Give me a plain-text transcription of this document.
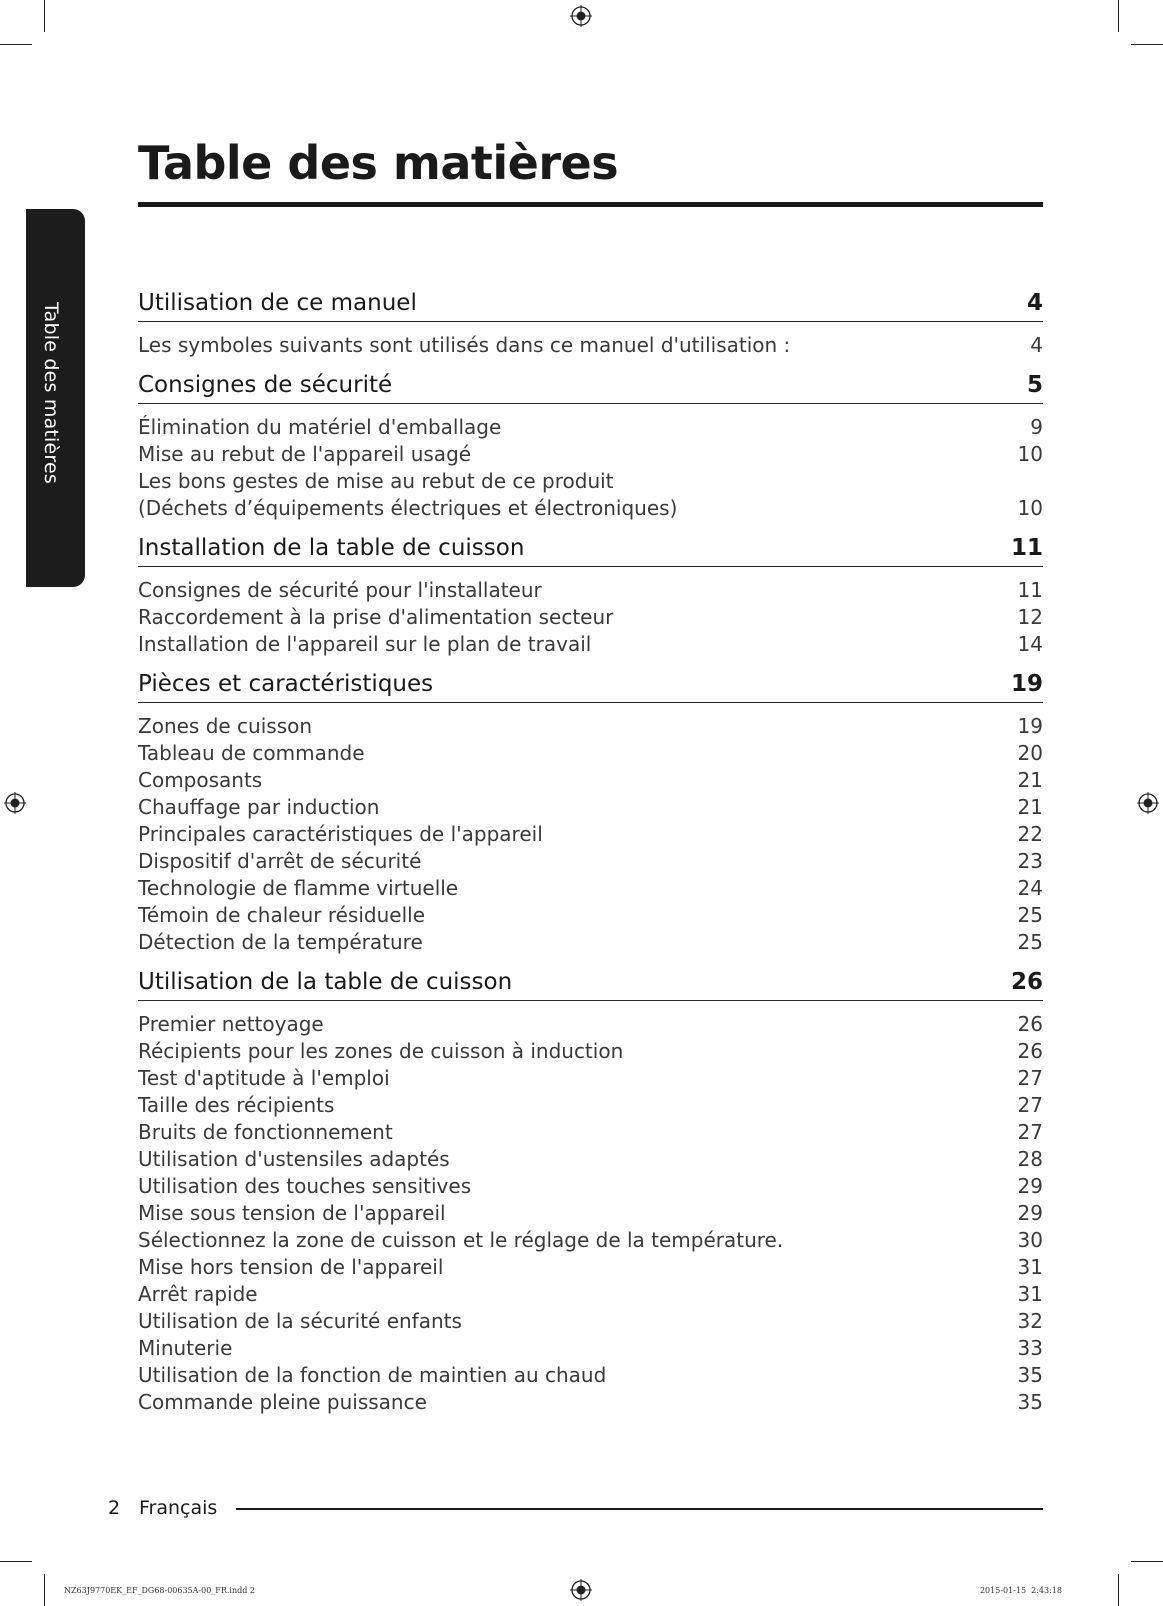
Table des matières
Table des matières
Utilisation de ce manuel	4
Les symboles suivants sont utilisés dans ce manuel d'utilisation :	4
Consignes de sécurité	5
Élimination du matériel d'emballage	9
Mise au rebut de l'appareil usagé	10
Les bons gestes de mise au rebut de ce produit
(Déchets d’équipements électriques et électroniques)	10
Installation de la table de cuisson	11
Consignes de sécurité pour l'installateur	11
Raccordement à la prise d'alimentation secteur	12
Installation de l'appareil sur le plan de travail	14
Pièces et caractéristiques	19
Zones de cuisson	19
Tableau de commande	20
Composants	21
Chauffage par induction	21
Principales caractéristiques de l'appareil	22
Dispositif d'arrêt de sécurité	23
Technologie de flamme virtuelle	24
Témoin de chaleur résiduelle	25
Détection de la température	25
Utilisation de la table de cuisson	26
Premier nettoyage	26
Récipients pour les zones de cuisson à induction	26
Test d'aptitude à l'emploi	27
Taille des récipients	27
Bruits de fonctionnement	27
Utilisation d'ustensiles adaptés	28
Utilisation des touches sensitives	29
Mise sous tension de l'appareil	29
Sélectionnez la zone de cuisson et le réglage de la température.	30
Mise hors tension de l'appareil	31
Arrêt rapide	31
Utilisation de la sécurité enfants	32
Minuterie	33
Utilisation de la fonction de maintien au chaud	35
Commande pleine puissance	35
2 Français
NZ63J9770EK_EF_DG68-00635A-00_FR.indd 2	2015-01-15 ￼￼ 2:43:18
